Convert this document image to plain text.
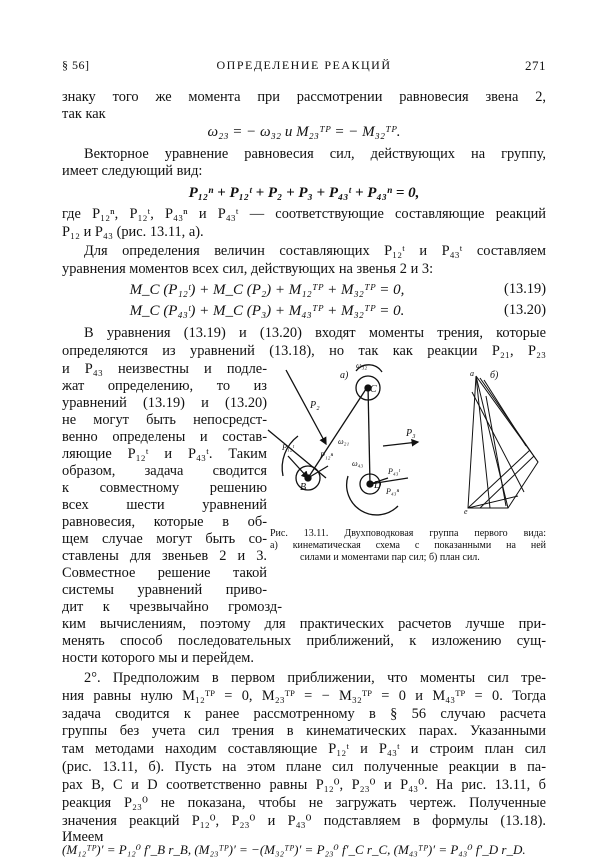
§ 56]	ОПРЕДЕЛЕНИЕ РЕАКЦИЙ	271
знаку того же момента при рассмотрении равновесия звена 2,
так как
ω₂₃ = − ω₃₂ и M₂₃ᵀᴾ = − M₃₂ᵀᴾ.
Векторное уравнение равновесия сил, действующих на группу,
имеет следующий вид:
P₁₂ⁿ + P₁₂ᵗ + P₂ + P₃ + P₄₃ᵗ + P₄₃ⁿ = 0,
где P₁₂ⁿ, P₁₂ᵗ, P₄₃ⁿ и P₄₃ᵗ — соответствующие составляющие реакций
P₁₂ и P₄₃ (рис. 13.11, а).
Для определения величин составляющих P₁₂ᵗ и P₄₃ᵗ составляем
уравнения моментов всех сил, действующих на звенья 2 и 3:
M_C (P₁₂ᵗ) + M_C (P₂) + M₁₂ᵀᴾ + M₃₂ᵀᴾ = 0,	(13.19)
M_C (P₄₃ᵗ) + M_C (P₃) + M₄₃ᵀᴾ + M₃₂ᵀᴾ = 0.	(13.20)
В уравнения (13.19) и (13.20) входят моменты трения, которые
определяются из уравнений (13.18), но так как реакции P₂₁, P₂₃
и P₄₃ неизвестны и подле-
жат определению, то из
уравнений (13.19) и (13.20)
не могут быть непосредст-
венно определены и состав-
ляющие P₁₂ᵗ и P₄₃ᵗ. Таким
образом, задача сводится
к совместному решению
всех шести уравнений
равновесия, которые в об-
щем случае могут быть со-
ставлены для звеньев 2 и 3.
Совместное решение такой
системы уравнений приво-
дит к чрезвычайно громозд-
а)	б)
C
B	D
P₂
P₃
ω₃₂
ω₂₁
ω₄₃
P₁₂ᵗ
P₁₂ⁿ
P₄₃ᵗ
P₄₃ⁿ
e
a
Рис. 13.11. Двухповодковая группа первого вида:
а) кинематическая схема с показанными на ней
силами и моментами пар сил; б) план сил.
ким вычислениям, поэтому для практических расчетов лучше при-
менять способ последовательных приближений, к изложению сущ-
ности которого мы и перейдем.
2°. Предположим в первом приближении, что моменты сил тре-
ния равны нулю M₁₂ᵀᴾ = 0, M₂₃ᵀᴾ = − M₃₂ᵀᴾ = 0 и M₄₃ᵀᴾ = 0. Тогда
задача сводится к ранее рассмотренному в § 56 случаю расчета
группы без учета сил трения в кинематических парах. Указанными
там методами находим составляющие P₁₂ᵗ и P₄₃ᵗ и строим план сил
(рис. 13.11, б). Пусть на этом плане сил полученные реакции в па-
рах B, C и D соответственно равны P₁₂⁰, P₂₃⁰ и P₄₃⁰. На рис. 13.11, б
реакция P₂₃⁰ не показана, чтобы не загружать чертеж. Полученные
значения реакций P₁₂⁰, P₂₃⁰ и P₄₃⁰ подставляем в формулы (13.18).
Имеем
(M₁₂ᵀᴾ)′ = P₁₂⁰ f′_B r_B, (M₂₃ᵀᴾ)′ = −(M₃₂ᵀᴾ)′ = P₂₃⁰ f′_C r_C, (M₄₃ᵀᴾ)′ = P₄₃⁰ f′_D r_D.
